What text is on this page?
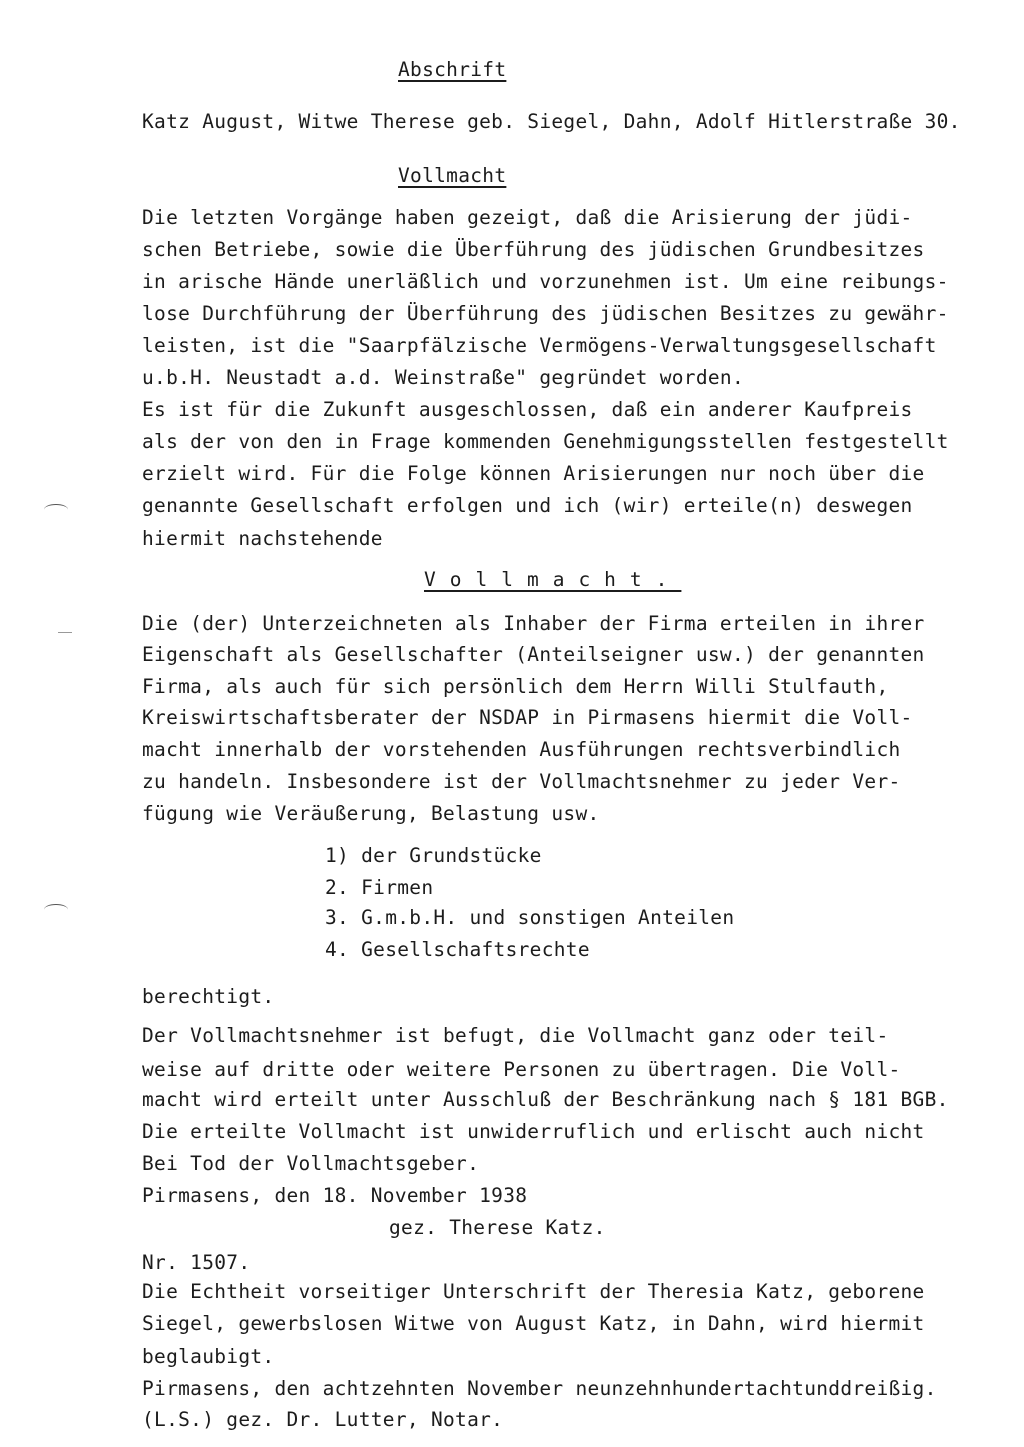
Abschrift
Katz August, Witwe Therese geb. Siegel, Dahn, Adolf Hitlerstraße 30.
Vollmacht
Die letzten Vorgänge haben gezeigt, daß die Arisierung der jüdi-
schen Betriebe, sowie die Überführung des jüdischen Grundbesitzes
in arische Hände unerläßlich und vorzunehmen ist. Um eine reibungs-
lose Durchführung der Überführung des jüdischen Besitzes zu gewähr-
leisten, ist die "Saarpfälzische Vermögens-Verwaltungsgesellschaft
u.b.H. Neustadt a.d. Weinstraße" gegründet worden.
Es ist für die Zukunft ausgeschlossen, daß ein anderer Kaufpreis
als der von den in Frage kommenden Genehmigungsstellen festgestellt
erzielt wird. Für die Folge können Arisierungen nur noch über die
genannte Gesellschaft erfolgen und ich (wir) erteile(n) deswegen
hiermit nachstehende
Vollmacht.
Die (der) Unterzeichneten als Inhaber der Firma erteilen in ihrer
Eigenschaft als Gesellschafter (Anteilseigner usw.) der genannten
Firma, als auch für sich persönlich dem Herrn Willi Stulfauth,
Kreiswirtschaftsberater der NSDAP in Pirmasens hiermit die Voll-
macht innerhalb der vorstehenden Ausführungen rechtsverbindlich
zu handeln. Insbesondere ist der Vollmachtsnehmer zu jeder Ver-
fügung wie Veräußerung, Belastung usw.
1) der Grundstücke
2. Firmen
3. G.m.b.H. und sonstigen Anteilen
4. Gesellschaftsrechte
berechtigt.
Der Vollmachtsnehmer ist befugt, die Vollmacht ganz oder teil-
weise auf dritte oder weitere Personen zu übertragen. Die Voll-
macht wird erteilt unter Ausschluß der Beschränkung nach § 181 BGB.
Die erteilte Vollmacht ist unwiderruflich und erlischt auch nicht
Bei Tod der Vollmachtsgeber.
Pirmasens, den 18. November 1938
gez. Therese Katz.
Nr. 1507.
Die Echtheit vorseitiger Unterschrift der Theresia Katz, geborene
Siegel, gewerbslosen Witwe von August Katz, in Dahn, wird hiermit
beglaubigt.
Pirmasens, den achtzehnten November neunzehnhundertachtunddreißig.
(L.S.) gez. Dr. Lutter, Notar.
